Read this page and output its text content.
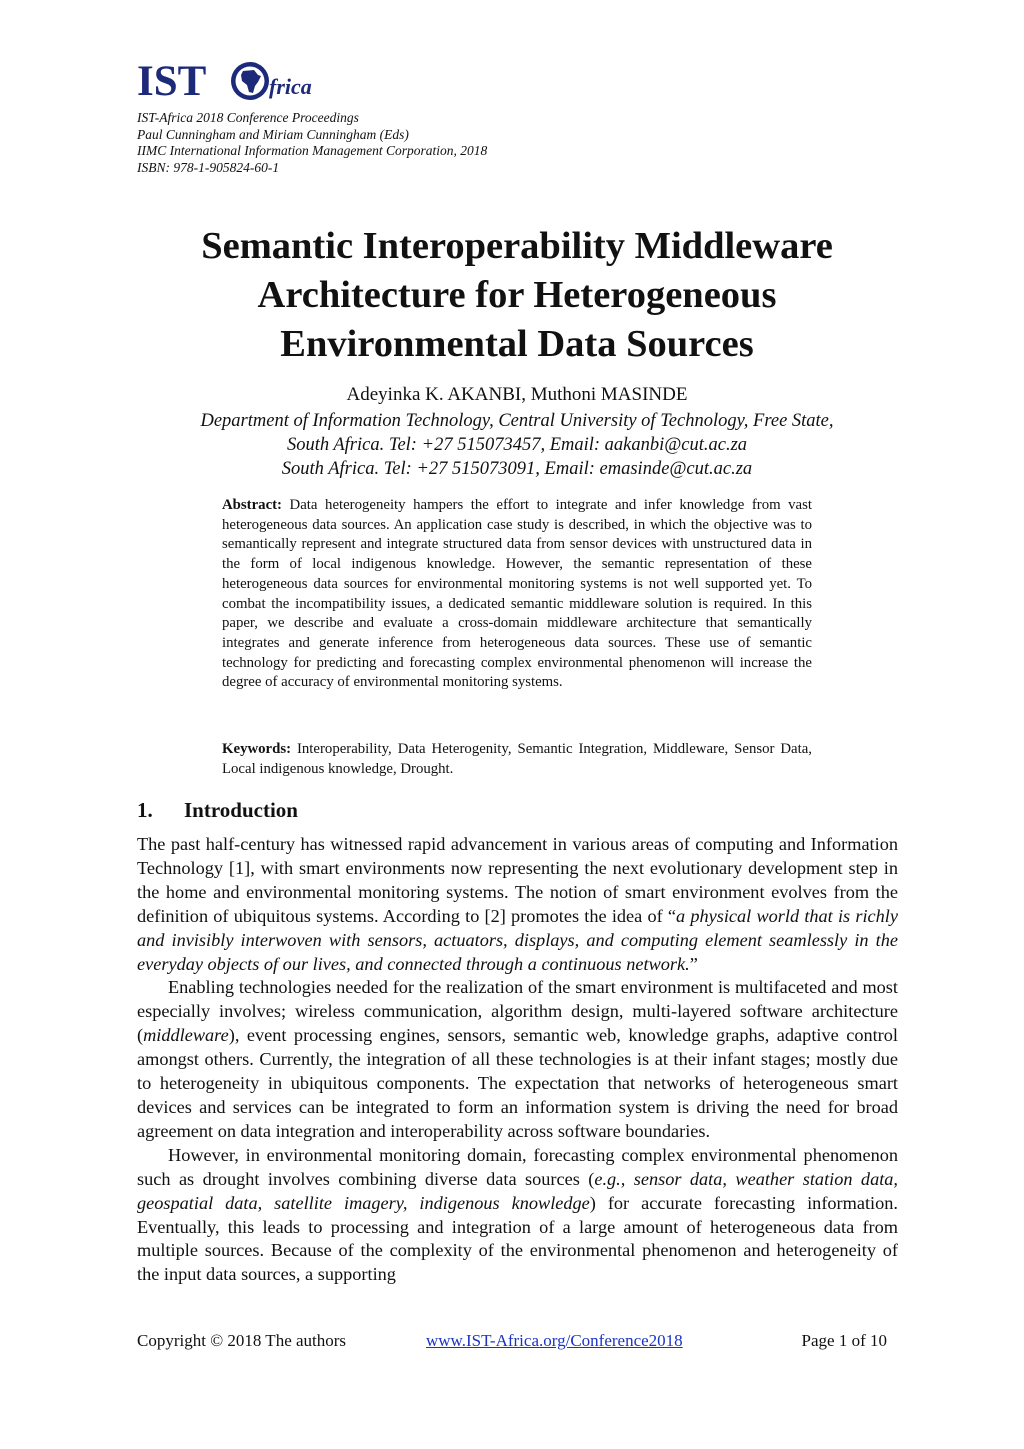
IST	frica
IST-Africa 2018 Conference Proceedings
Paul Cunningham and Miriam Cunningham (Eds)
IIMC International Information Management Corporation, 2018
ISBN: 978-1-905824-60-1
Semantic Interoperability Middleware
Architecture for Heterogeneous
Environmental Data Sources
Adeyinka K. AKANBI, Muthoni MASINDE
Department of Information Technology, Central University of Technology, Free State,
South Africa. Tel: +27 515073457, Email: aakanbi@cut.ac.za
South Africa. Tel: +27 515073091, Email: emasinde@cut.ac.za
Abstract: Data heterogeneity hampers the effort to integrate and infer knowledge from vast heterogeneous data sources. An application case study is described, in which the objective was to semantically represent and integrate structured data from sensor devices with unstructured data in the form of local indigenous knowledge. However, the semantic representation of these heterogeneous data sources for environmental monitoring systems is not well supported yet. To combat the incompatibility issues, a dedicated semantic middleware solution is required. In this paper, we describe and evaluate a cross-domain middleware architecture that semantically integrates and generate inference from heterogeneous data sources. These use of semantic technology for predicting and forecasting complex environmental phenomenon will increase the degree of accuracy of environmental monitoring systems.
Keywords: Interoperability, Data Heterogenity, Semantic Integration, Middleware, Sensor Data, Local indigenous knowledge, Drought.
1. Introduction

The past half-century has witnessed rapid advancement in various areas of computing and Information Technology [1], with smart environments now representing the next evolutionary development step in the home and environmental monitoring systems. The notion of smart environment evolves from the definition of ubiquitous systems. According to [2] promotes the idea of “a physical world that is richly and invisibly interwoven with sensors, actuators, displays, and computing element seamlessly in the everyday objects of our lives, and connected through a continuous network.”

Enabling technologies needed for the realization of the smart environment is multifaceted and most especially involves; wireless communication, algorithm design, multi-layered software architecture (middleware), event processing engines, sensors, semantic web, knowledge graphs, adaptive control amongst others. Currently, the integration of all these technologies is at their infant stages; mostly due to heterogeneity in ubiquitous components. The expectation that networks of heterogeneous smart devices and services can be integrated to form an information system is driving the need for broad agreement on data integration and interoperability across software boundaries.

However, in environmental monitoring domain, forecasting complex environmental phenomenon such as drought involves combining diverse data sources (e.g., sensor data, weather station data, geospatial data, satellite imagery, indigenous knowledge) for accurate forecasting information. Eventually, this leads to processing and integration of a large amount of heterogeneous data from multiple sources. Because of the complexity of the environmental phenomenon and heterogeneity of the input data sources, a supporting

Copyright © 2018 The authors	www.IST-Africa.org/Conference2018	Page 1 of 10
